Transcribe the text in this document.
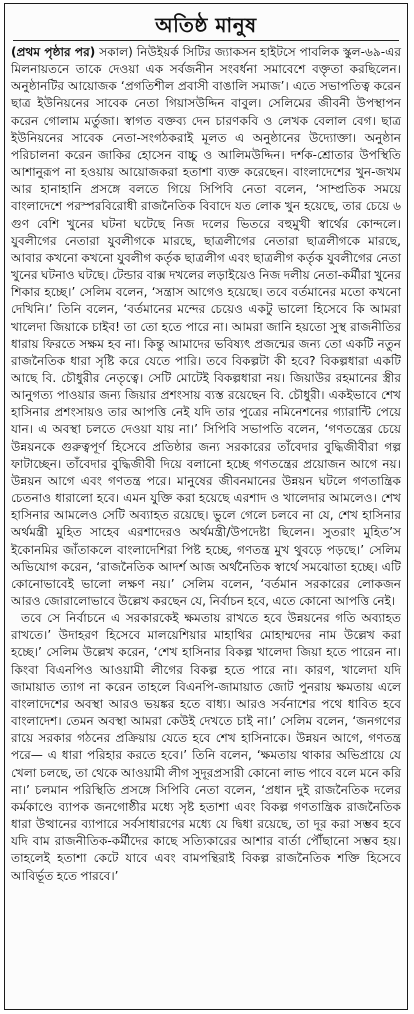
অতিষ্ঠ মানুষ

(প্রথম পৃষ্ঠার পর) সকাল) নিউইয়র্ক সিটির জ্যাকসন হাইটসে পাবলিক স্কুল-৬৯-এর মিলনায়তনে তাকে দেওয়া এক সর্বজনীন সংবর্ধনা সমাবেশে বক্তৃতা করছিলেন। অনুষ্ঠানটির আয়োজক ‘প্রগতিশীল প্রবাসী বাঙালি সমাজ’। এতে সভাপতিত্ব করেন ছাত্র ইউনিয়নের সাবেক নেতা গিয়াসউদ্দিন বাবুল। সেলিমের জীবনী উপস্থাপন করেন গোলাম মর্তুজা। স্বাগত বক্তব্য দেন চারণকবি ও লেখক বেলাল বেগ। ছাত্র ইউনিয়নের সাবেক নেতা-সংগঠকরাই মূলত এ অনুষ্ঠানের উদ্যোক্তা। অনুষ্ঠান পরিচালনা করেন জাকির হোসেন বাচ্চু ও আলিমউদ্দিন। দর্শক-শ্রোতার উপস্থিতি আশানুরূপ না হওয়ায় আয়োজকরা হতাশা ব্যক্ত করেছেন। বাংলাদেশের খুন-জখম আর হানাহানি প্রসঙ্গে বলতে গিয়ে সিপিবি নেতা বলেন, ‘সাম্প্রতিক সময়ে বাংলাদেশে পরস্পরবিরোধী রাজনৈতিক বিবাদে যত লোক খুন হয়েছে, তার চেয়ে ৬ গুণ বেশি খুনের ঘটনা ঘটেছে নিজ দলের ভিতরে বহুমুখী স্বার্থের কোন্দলে। যুবলীগের নেতারা যুবলীগকে মারছে, ছাত্রলীগের নেতারা ছাত্রলীগকে মারছে, আবার কখনো কখনো যুবলীগ কর্তৃক ছাত্রলীগ এবং ছাত্রলীগ কর্তৃক যুবলীগের নেতা খুনের ঘটনাও ঘটছে। টেন্ডার বাক্স দখলের লড়াইয়েও নিজ দলীয় নেতা-কর্মীরা খুনের শিকার হচ্ছে।’ সেলিম বলেন, ‘সন্ত্রাস আগেও হয়েছে। তবে বর্তমানের মতো কখনো দেখিনি।’ তিনি বলেন, ‘বর্তমানের মন্দের চেয়েও একটু ভালো হিসেবে কি আমরা খালেদা জিয়াকে চাইব! তা তো হতে পারে না। আমরা জানি হয়তো সুস্থ রাজনীতির ধারায় ফিরতে সক্ষম হব না। কিন্তু আমাদের ভবিষ্যৎ প্রজন্মের জন্য তো একটি নতুন রাজনৈতিক ধারা সৃষ্টি করে যেতে পারি। তবে বিকল্পটা কী হবে? বিকল্পধারা একটি আছে বি. চৌধুরীর নেতৃত্বে। সেটি মোটেই বিকল্পধারা নয়। জিয়াউর রহমানের স্ত্রীর আনুগত্য পাওয়ার জন্য জিয়ার প্রশংসায় ব্যস্ত রয়েছেন বি. চৌধুরী। একইভাবে শেখ হাসিনার প্রশংসায়ও তার আপত্তি নেই যদি তার পুত্রের নমিনেশনের গ্যারান্টি পেয়ে যান। এ অবস্থা চলতে দেওয়া যায় না।’ সিপিবি সভাপতি বলেন, ‘গণতন্ত্রের চেয়ে উন্নয়নকে গুরুত্বপূর্ণ হিসেবে প্রতিষ্ঠার জন্য সরকারের তাঁবেদার বুদ্ধিজীবীরা গল্প ফাটাচ্ছেন। তাঁবেদার বুদ্ধিজীবী দিয়ে বলানো হচ্ছে গণতন্ত্রের প্রয়োজন আগে নয়। উন্নয়ন আগে এবং গণতন্ত্র পরে। মানুষের জীবনমানের উন্নয়ন ঘটলে গণতান্ত্রিক চেতনাও ধারালো হবে। এমন যুক্তি করা হয়েছে এরশাদ ও খালেদার আমলেও। শেখ হাসিনার আমলেও সেটি অব্যাহত রয়েছে। ভুলে গেলে চলবে না যে, শেখ হাসিনার অর্থমন্ত্রী মুহিত সাহেব এরশাদেরও অর্থমন্ত্রী/উপদেষ্টা ছিলেন। সুতরাং মুহিত’স ইকোনমির জাঁতাকলে বাংলাদেশিরা পিষ্ট হচ্ছে, গণতন্ত্র মুখ থুবড়ে পড়ছে।’ সেলিম অভিযোগ করেন, ‘রাজনৈতিক আদর্শ আজ অর্থনৈতিক স্বার্থে সমঝোতা হচ্ছে। এটি কোনোভাবেই ভালো লক্ষণ নয়।’ সেলিম বলেন, ‘বর্তমান সরকারের লোকজন আরও জোরালোভাবে উল্লেখ করছেন যে, নির্বাচন হবে, এতে কোনো আপত্তি নেই।

তবে সে নির্বাচনে এ সরকারকেই ক্ষমতায় রাখতে হবে উন্নয়নের গতি অব্যাহত রাখতে।’ উদাহরণ হিসেবে মালয়েশিয়ার মাহাথির মোহাম্মদের নাম উল্লেখ করা হচ্ছে।’ সেলিম উল্লেখ করেন, ‘শেখ হাসিনার বিকল্প খালেদা জিয়া হতে পারেন না। কিংবা বিএনপিও আওয়ামী লীগের বিকল্প হতে পারে না। কারণ, খালেদা যদি জামায়াত ত্যাগ না করেন তাহলে বিএনপি-জামায়াত জোট পুনরায় ক্ষমতায় এলে বাংলাদেশের অবস্থা আরও ভয়ঙ্কর হতে বাধ্য। আরও সর্বনাশের পথে ধাবিত হবে বাংলাদেশ। তেমন অবস্থা আমরা কেউই দেখতে চাই না।’ সেলিম বলেন, ‘জনগণের রায়ে সরকার গঠনের প্রক্রিয়ায় যেতে হবে শেখ হাসিনাকে। উন্নয়ন আগে, গণতন্ত্র পরে— এ ধারা পরিহার করতে হবে।’ তিনি বলেন, ‘ক্ষমতায় থাকার অভিপ্রায়ে যে খেলা চলছে, তা থেকে আওয়ামী লীগ সুদূরপ্রসারী কোনো লাভ পাবে বলে মনে করি না।’ চলমান পরিস্থিতি প্রসঙ্গে সিপিবি নেতা বলেন, ‘প্রধান দুই রাজনৈতিক দলের কর্মকাণ্ডে ব্যাপক জনগোষ্ঠীর মধ্যে সৃষ্ট হতাশা এবং বিকল্প গণতান্ত্রিক রাজনৈতিক ধারা উত্থানের ব্যাপারে সর্বসাধারণের মধ্যে যে দ্বিধা রয়েছে, তা দূর করা সম্ভব হবে যদি বাম রাজনীতিক-কর্মীদের কাছে সত্যিকারের আশার বার্তা পৌঁছানো সম্ভব হয়। তাহলেই হতাশা কেটে যাবে এবং বামপন্থিরাই বিকল্প রাজনৈতিক শক্তি হিসেবে আবির্ভূত হতে পারবে।’
